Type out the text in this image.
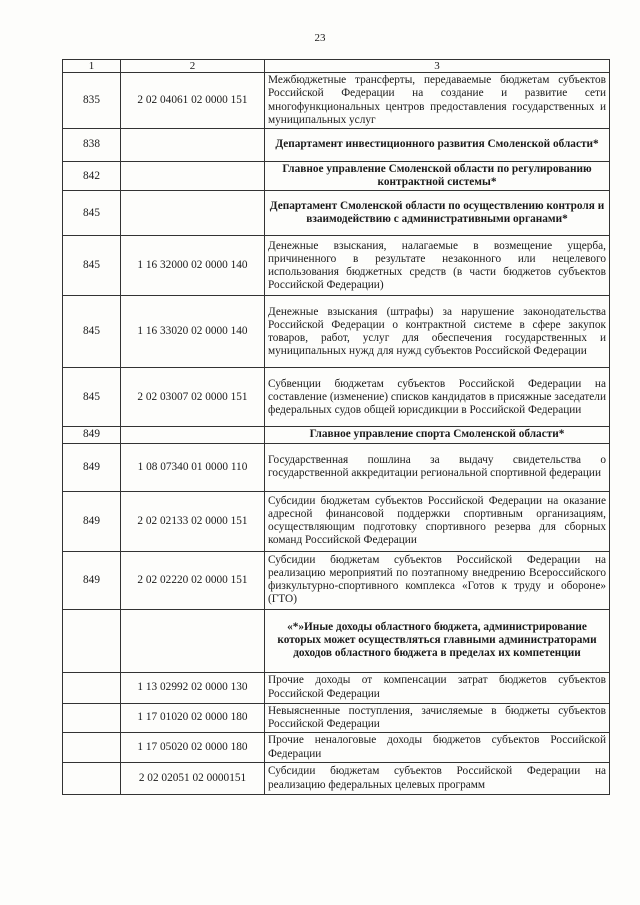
23
1	2	3
835	2 02 04061 02 0000 151	Межбюджетные трансферты, передаваемые бюджетам субъектов Российской Федерации на создание и развитие сети многофункциональных центров предоставления государственных и муниципальных услуг
838		Департамент инвестиционного развития Смоленской области*
842		Главное управление Смоленской области по регулированию контрактной системы*
845		Департамент Смоленской области по осуществлению контроля и взаимодействию с административными органами*
845	1 16 32000 02 0000 140	Денежные взыскания, налагаемые в возмещение ущерба, причиненного в результате незаконного или нецелевого использования бюджетных средств (в части бюджетов субъектов Российской Федерации)
845	1 16 33020 02 0000 140	Денежные взыскания (штрафы) за нарушение законодательства Российской Федерации о контрактной системе в сфере закупок товаров, работ, услуг для обеспечения государственных и муниципальных нужд для нужд субъектов Российской Федерации
845	2 02 03007 02 0000 151	Субвенции бюджетам субъектов Российской Федерации на составление (изменение) списков кандидатов в присяжные заседатели федеральных судов общей юрисдикции в Российской Федерации
849		Главное управление спорта Смоленской области*
849	1 08 07340 01 0000 110	Государственная пошлина за выдачу свидетельства о государственной аккредитации региональной спортивной федерации
849	2 02 02133 02 0000 151	Субсидии бюджетам субъектов Российской Федерации на оказание адресной финансовой поддержки спортивным организациям, осуществляющим подготовку спортивного резерва для сборных команд Российской Федерации
849	2 02 02220 02 0000 151	Субсидии бюджетам субъектов Российской Федерации на реализацию мероприятий по поэтапному внедрению Всероссийского физкультурно-спортивного комплекса «Готов к труду и обороне» (ГТО)
		«*»Иные доходы областного бюджета, администрирование которых может осуществляться главными администраторами доходов областного бюджета в пределах их компетенции
	1 13 02992 02 0000 130	Прочие доходы от компенсации затрат бюджетов субъектов Российской Федерации
	1 17 01020 02 0000 180	Невыясненные поступления, зачисляемые в бюджеты субъектов Российской Федерации
	1 17 05020 02 0000 180	Прочие неналоговые доходы бюджетов субъектов Российской Федерации
	2 02 02051 02 0000151	Субсидии бюджетам субъектов Российской Федерации на реализацию федеральных целевых программ
